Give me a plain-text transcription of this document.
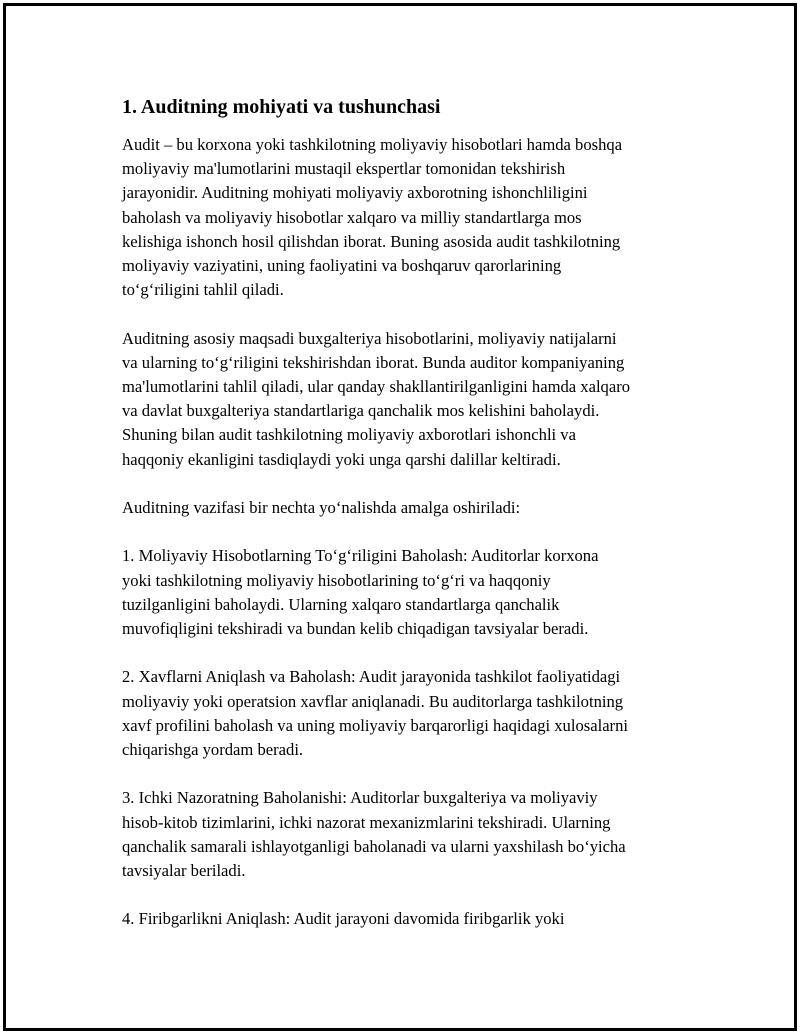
1. Auditning mohiyati va tushunchasi

Audit – bu korxona yoki tashkilotning moliyaviy hisobotlari hamda boshqa
moliyaviy ma'lumotlarini mustaqil ekspertlar tomonidan tekshirish
jarayonidir. Auditning mohiyati moliyaviy axborotning ishonchliligini
baholash va moliyaviy hisobotlar xalqaro va milliy standartlarga mos
kelishiga ishonch hosil qilishdan iborat. Buning asosida audit tashkilotning
moliyaviy vaziyatini, uning faoliyatini va boshqaruv qarorlarining
to‘g‘riligini tahlil qiladi.

Auditning asosiy maqsadi buxgalteriya hisobotlarini, moliyaviy natijalarni
va ularning to‘g‘riligini tekshirishdan iborat. Bunda auditor kompaniyaning
ma'lumotlarini tahlil qiladi, ular qanday shakllantirilganligini hamda xalqaro
va davlat buxgalteriya standartlariga qanchalik mos kelishini baholaydi.
Shuning bilan audit tashkilotning moliyaviy axborotlari ishonchli va
haqqoniy ekanligini tasdiqlaydi yoki unga qarshi dalillar keltiradi.

Auditning vazifasi bir nechta yo‘nalishda amalga oshiriladi:

1. Moliyaviy Hisobotlarning To‘g‘riligini Baholash: Auditorlar korxona
yoki tashkilotning moliyaviy hisobotlarining to‘g‘ri va haqqoniy
tuzilganligini baholaydi. Ularning xalqaro standartlarga qanchalik
muvofiqligini tekshiradi va bundan kelib chiqadigan tavsiyalar beradi.

2. Xavflarni Aniqlash va Baholash: Audit jarayonida tashkilot faoliyatidagi
moliyaviy yoki operatsion xavflar aniqlanadi. Bu auditorlarga tashkilotning
xavf profilini baholash va uning moliyaviy barqarorligi haqidagi xulosalarni
chiqarishga yordam beradi.

3. Ichki Nazoratning Baholanishi: Auditorlar buxgalteriya va moliyaviy
hisob-kitob tizimlarini, ichki nazorat mexanizmlarini tekshiradi. Ularning
qanchalik samarali ishlayotganligi baholanadi va ularni yaxshilash bo‘yicha
tavsiyalar beriladi.

4. Firibgarlikni Aniqlash: Audit jarayoni davomida firibgarlik yoki
